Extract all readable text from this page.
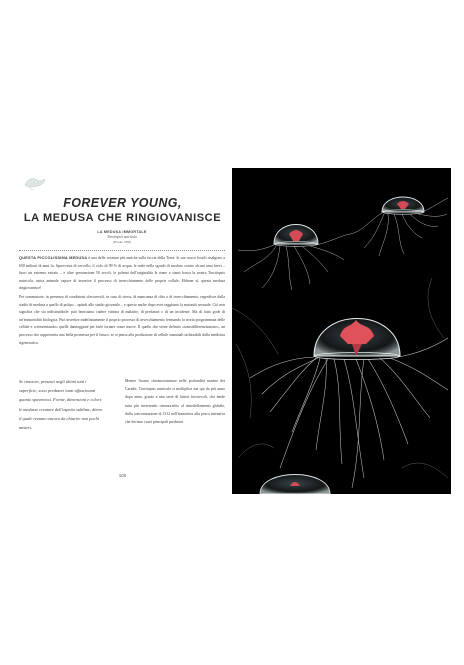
FOREVER YOUNG,
LA MEDUSA CHE RINGIOVANISCE
LA MEDUSA IMMORTALE
Turritopsis nutricula
(Brooks, 1886)

QUESTA PICCOLISSIMA MEDUSA è una delle creature più antiche sulla faccia della Terra: le sue tracce fossili risalgono a 650 milioni di anni fa. Sprovvista di cervello, il ciclo di 99 % di acqua, le reale nella sgrado di moduro contro alcuni anni brevi – fuori un estremo estrato – e altre presunzione 50 secoli, le polemi dell'originalità le rinne a stanti bassa la nostra Turritopsis nutricola, unica animale capace di invertire il processo di invecchiamento delle proprie cellule. Ebbene sì, questa medusa ringiovanisce!

Per sommatorie, in presenza di condizioni sfavorevoli, in caso di stress, di mancanza di cibo o di invecchiamento, regredisce dalla stadio di medusa a quello di polipo – quindi allo stadio giovanile – e questo anche dopo aver raggiunto la maturità sessuale. Ciò non significa che sia indistruttibile: può benissimo cadere vittima di malattie, di predatori o di un incidente. Ma di fatto gode di un'immortalità biologica. Può invertire indefinitamente il proprio processo di invecchiamento fermando la teoria programmata delle cellule e «reinventando» quelle danneggiate per farle tornare come nuove. Il quello che viene definito «transdifferenziazione», un processo che rappresenta una bella promessa per il futuro, se si pensa alla produzione di cellule staminali utilizzabili dalla medicina rigenerativa.

Se rimuove, presenti negli ultimi tutti i superficie, sono predatori tanti affascinanti quanto spaventosi. Forme, dimensioni e colori: le medusse creature dell'aspetto sublime, dietro il quale restano ancora da chiarire non pochi misteri.

Mentre l'uomo chromosomeuse nelle profondità marine dei Caraibi, Turritopsis nutricula si moltiplica ma qui da più anno dopo anno, grazie a una serie di fattori favorevoli, che tende tutta più invertendo «immortale» al rimodellamento globale, dalla concentrazione di CO2 nell'atmosfera alla pesca intensiva che decima i suoi principali predatori.

100
